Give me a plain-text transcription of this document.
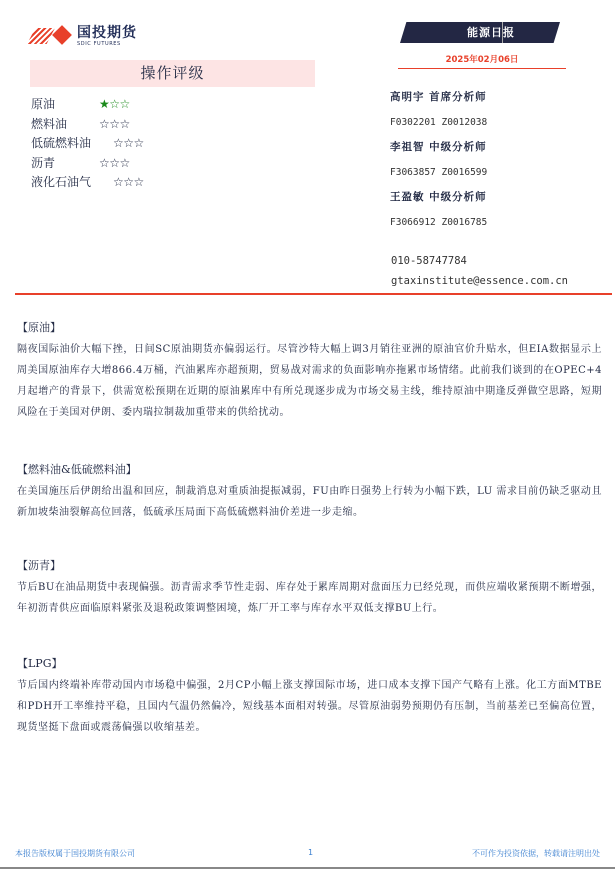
国投期货
SDIC FUTURES
操作评级
原油	★☆☆
燃料油	☆☆☆
低硫燃料油 ☆☆☆
沥青	☆☆☆
液化石油气 ☆☆☆
能源日报
2025年02月06日
高明宇 首席分析师
F0302201 Z0012038
李祖智 中级分析师
F3063857 Z0016599
王盈敏 中级分析师
F3066912 Z0016785
010-58747784
gtaxinstitute@essence.com.cn
【原油】

隔夜国际油价大幅下挫，日间SC原油期货亦偏弱运行。尽管沙特大幅上调3月销往亚洲的原油官价升贴水，但EIA数据显示上周美国原油库存大增866.4万桶，汽油累库亦超预期，贸易战对需求的负面影响亦拖累市场情绪。此前我们谈到的在OPEC+4月起增产的背景下，供需宽松预期在近期的原油累库中有所兑现逐步成为市场交易主线，维持原油中期逢反弹做空思路，短期风险在于美国对伊朗、委内瑞拉制裁加重带来的供给扰动。

【燃料油&低硫燃料油】

在美国施压后伊朗给出温和回应，制裁消息对重质油提振减弱，FU由昨日强势上行转为小幅下跌，LU 需求目前仍缺乏驱动且新加坡柴油裂解高位回落，低硫承压局面下高低硫燃料油价差进一步走缩。

【沥青】

节后BU在油品期货中表现偏强。沥青需求季节性走弱、库存处于累库周期对盘面压力已经兑现，而供应端收紧预期不断增强，年初沥青供应面临原料紧张及退税政策调整困境，炼厂开工率与库存水平双低支撑BU上行。

【LPG】

节后国内终端补库带动国内市场稳中偏强，2月CP小幅上涨支撑国际市场，进口成本支撑下国产气略有上涨。化工方面MTBE和PDH开工率维持平稳，且国内气温仍然偏冷，短线基本面相对转强。尽管原油弱势预期仍有压制，当前基差已至偏高位置，现货坚挺下盘面或震荡偏强以收缩基差。

本报告版权属于国投期货有限公司	1	不可作为投资依据，转载请注明出处
